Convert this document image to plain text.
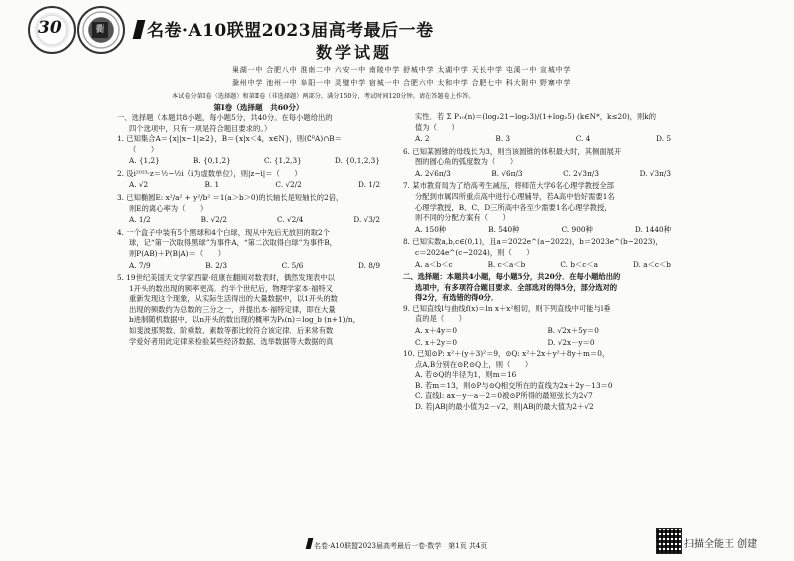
30	衢	名卷·A10联盟2023届高考最后一卷
数学试题
巢湖一中 合肥八中 淮南二中 六安一中 南陵中学 舒城中学 太湖中学 天长中学 屯溪一中 宣城中学
滁州中学 池州一中 阜阳一中 灵璧中学 宿城一中 合肥六中 太和中学 合肥七中 科大附中 野寨中学
本试卷分第Ⅰ卷（选择题）和第Ⅱ卷（非选择题）两部分，满分150分，考试时间120分钟。请在答题卷上作答。

第Ⅰ卷（选择题　共60分）

一、选择题（本题共8小题，每小题5分，共40分。在每小题给出的

四个选项中，只有一项是符合题目要求的。）

1. 已知集合A＝{x||x−1|≥2}，B＝{x|x＜4，x∈N}，则(∁ᴿA)∩B＝

（　　）

A. {1,2}	B. {0,1,2}	C. {1,2,3}	D. {0,1,2,3}

2. 设i²⁰²³·z＝½−½i（i为虚数单位），则|z−i|＝（　　）

A. √2	B. 1	C. √2/2	D. 1/2

3. 已知椭圆E: x²/a² + y²/b² ＝1(a＞b＞0)的长轴长是短轴长的2倍，

则E的离心率为（　　）

A. 1/2	B. √2/2	C. √2/4	D. √3/2

4. 一个盒子中装有5个黑球和4个白球，现从中先后无放回的取2个

球，记“第一次取得黑球”为事件A，“第二次取得白球”为事件B，

则P(AB)＋P(B|A)＝（　　）

A. 7/9	B. 2/3	C. 5/6	D. 8/9

5. 19世纪美国天文学家西蒙·纽康在翻阅对数表时，偶然发现表中以

1开头的数出现的频率更高．约半个世纪后，物理学家本·福特又

重新发现这个现象，从实际生活得出的大量数据中，以1开头的数

出现的频数约为总数的三分之一，并提出本·福特定律，即在大量

b进制随机数据中，以n开头的数出现的概率为Pᵦ(n)＝log_b (n+1)/n，

如斐波那契数、阶乘数、素数等都比较符合该定律．后来常有数

学爱好者用此定律来检验某些经济数据、选举数据等大数据的真

实性．若 Σ P₁₀(n)＝(log₂21−log₂3)/(1+log₂5) (k∈N*，k≤20)，则k的

值为（　　）

A. 2	B. 3	C. 4	D. 5

6. 已知某圆锥的母线长为3，则当该圆锥的体积最大时，其侧面展开

图的圆心角的弧度数为（　　）

A. 2√6π/3	B. √6π/3	C. 2√3π/3	D. √3π/3

7. 某市教育局为了给高考生减压，将师范大学6名心理学教授全部

分配到市属四所重点高中进行心理辅导，若A高中恰好需要1名

心理学教授，B、C、D三所高中各至少需要1名心理学教授，

则不同的分配方案有（　　）

A. 150种	B. 540种	C. 900种	D. 1440种

8. 已知实数a,b,c∈(0,1)，且a＝2022e^(a−2022)，b＝2023e^(b−2023)，

c＝2024e^(c−2024)，则（　　）

A. a＜b＜c	B. c＜a＜b	C. b＜c＜a	D. a＜c＜b

二、选择题：本题共4小题，每小题5分，共20分．在每小题给出的

选项中，有多项符合题目要求．全部选对的得5分，部分选对的

得2分，有选错的得0分．

9. 已知直线l与曲线f(x)＝ln x＋x²相切，则下列直线中可能与l垂

直的是（　　）

A. x＋4y＝0	B. √2x＋5y＝0
C. x＋2y＝0	D. √2x－y＝0

10. 已知⊙P: x²＋(y＋3)²＝9，⊙Q: x²＋2x＋y²＋8y＋m＝0，

点A,B分别在⊙P,⊙Q上，则（　　）

A. 若⊙Q的半径为1，则m＝16

B. 若m＝13，则⊙P与⊙Q相交所在的直线为2x＋2y－13＝0

C. 直线l: ax－y－a－2＝0被⊙P所得的最短弦长为2√7

D. 若|AB|的最小值为2－√2，则|AB|的最大值为2＋√2

名卷·A10联盟2023届高考最后一卷·数学　第1页 共4页	扫描全能王 创建
